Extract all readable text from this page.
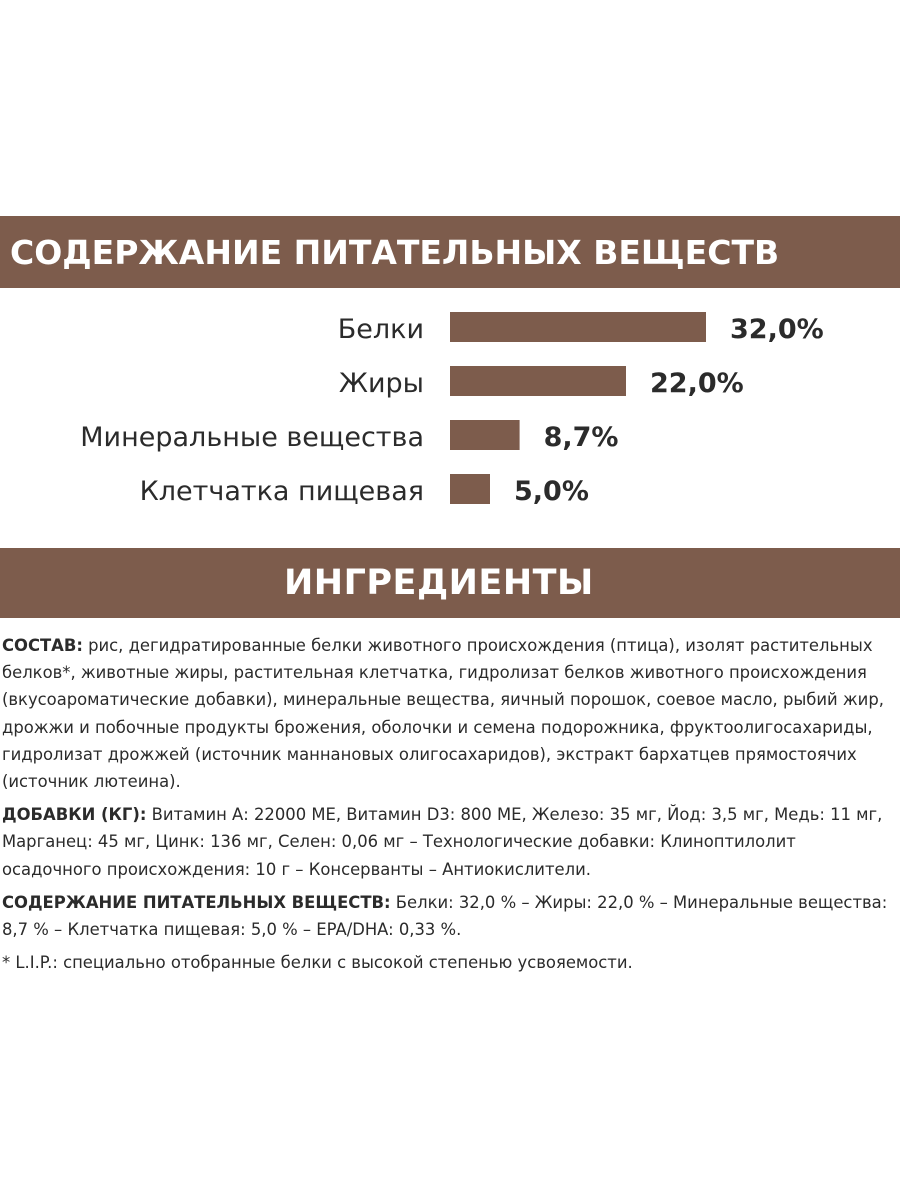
СОДЕРЖАНИЕ ПИТАТЕЛЬНЫХ ВЕЩЕСТВ
Белки	32,0%
Жиры	22,0%
Минеральные вещества	8,7%
Клетчатка пищевая	5,0%
ИНГРЕДИЕНТЫ

СОСТАВ: рис, дегидратированные белки животного происхождения (птица), изолят растительных белков*, животные жиры, растительная клетчатка, гидролизат белков животного происхождения (вкусоароматические добавки), минеральные вещества, яичный порошок, соевое масло, рыбий жир, дрожжи и побочные продукты брожения, оболочки и семена подорожника, фруктоолигосахариды, гидролизат дрожжей (источник маннановых олигосахаридов), экстракт бархатцев прямостоячих (источник лютеина).

ДОБАВКИ (КГ): Витамин А: 22000 МЕ, Витамин D3: 800 МЕ, Железо: 35 мг, Йод: 3,5 мг, Медь: 11 мг, Марганец: 45 мг, Цинк: 136 мг, Селен: 0,06 мг – Технологические добавки: Клиноптилолит осадочного происхождения: 10 г – Консерванты – Антиокислители.

СОДЕРЖАНИЕ ПИТАТЕЛЬНЫХ ВЕЩЕСТВ: Белки: 32,0 % – Жиры: 22,0 % – Минеральные вещества: 8,7 % – Клетчатка пищевая: 5,0 % – EPA/DHA: 0,33 %.

* L.I.P.: специально отобранные белки с высокой степенью усвояемости.
